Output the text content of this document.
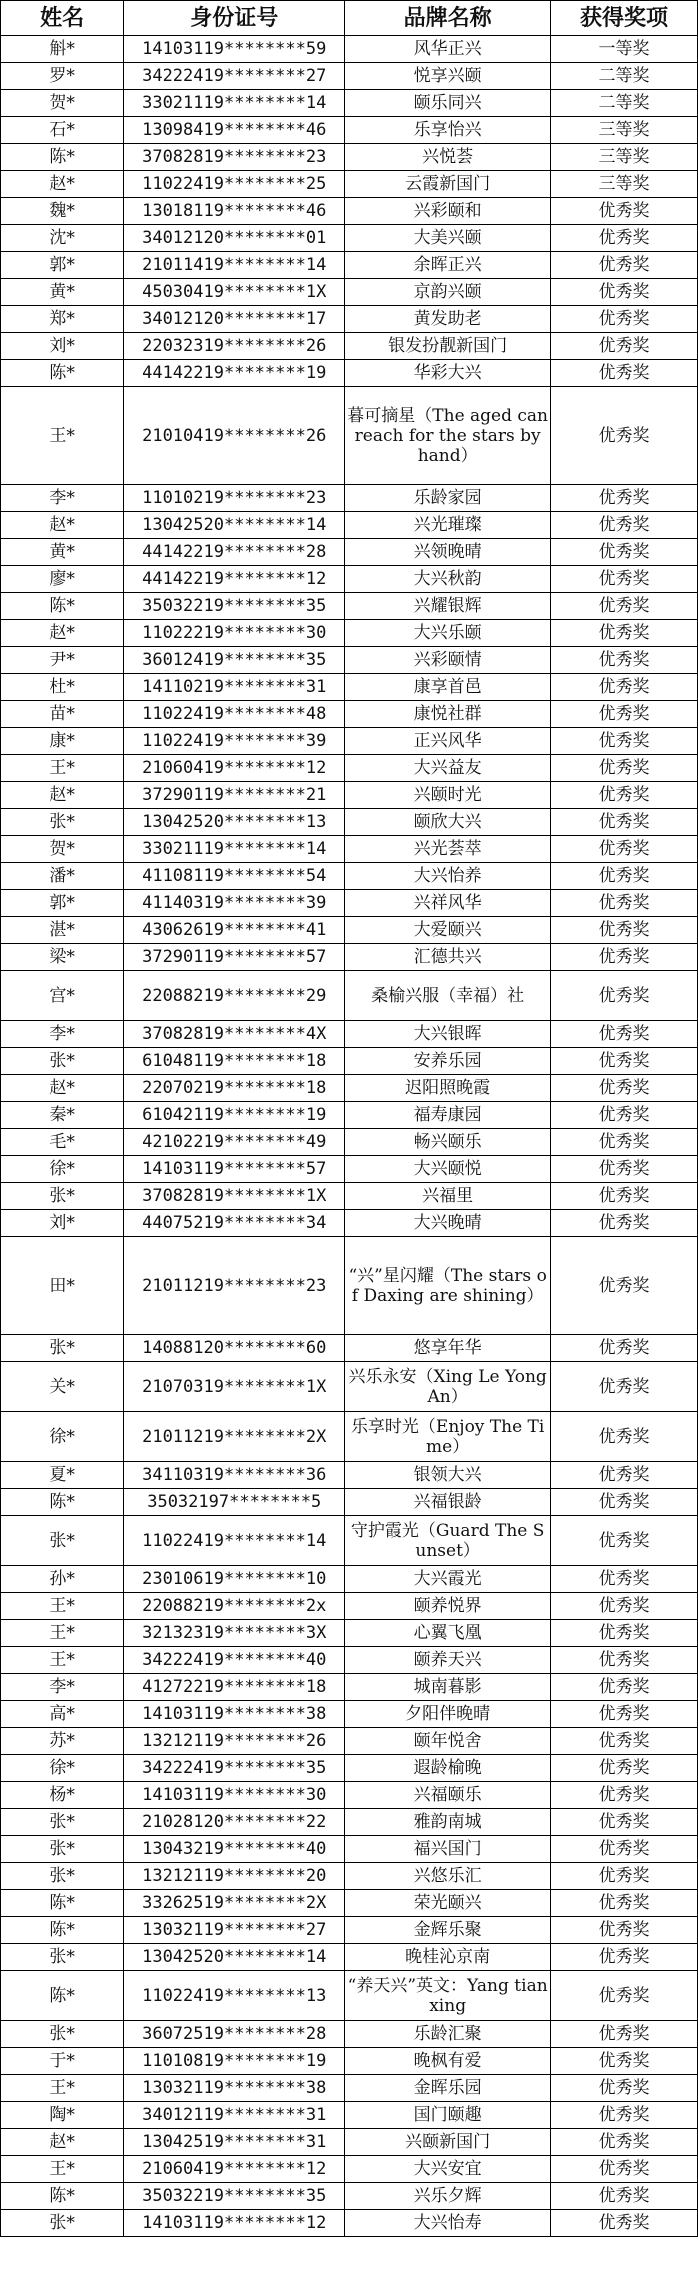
姓名	身份证号	品牌名称	获得奖项
斛*	14103119********59	风华正兴	一等奖
罗*	34222419********27	悦享兴颐	二等奖
贺*	33021119********14	颐乐同兴	二等奖
石*	13098419********46	乐享怡兴	三等奖
陈*	37082819********23	兴悦荟	三等奖
赵*	11022419********25	云霞新国门	三等奖
魏*	13018119********46	兴彩颐和	优秀奖
沈*	34012120********01	大美兴颐	优秀奖
郭*	21011419********14	余晖正兴	优秀奖
黄*	45030419********1X	京韵兴颐	优秀奖
郑*	34012120********17	黄发助老	优秀奖
刘*	22032319********26	银发扮靓新国门	优秀奖
陈*	44142219********19	华彩大兴	优秀奖
王*	21010419********26	暮可摘星（The aged can reach for the stars by hand）	优秀奖
李*	11010219********23	乐龄家园	优秀奖
赵*	13042520********14	兴光璀璨	优秀奖
黄*	44142219********28	兴领晚晴	优秀奖
廖*	44142219********12	大兴秋韵	优秀奖
陈*	35032219********35	兴耀银辉	优秀奖
赵*	11022219********30	大兴乐颐	优秀奖
尹*	36012419********35	兴彩颐情	优秀奖
杜*	14110219********31	康享首邑	优秀奖
苗*	11022419********48	康悦社群	优秀奖
康*	11022419********39	正兴风华	优秀奖
王*	21060419********12	大兴益友	优秀奖
赵*	37290119********21	兴颐时光	优秀奖
张*	13042520********13	颐欣大兴	优秀奖
贺*	33021119********14	兴光荟萃	优秀奖
潘*	41108119********54	大兴怡养	优秀奖
郭*	41140319********39	兴祥风华	优秀奖
湛*	43062619********41	大爱颐兴	优秀奖
梁*	37290119********57	汇德共兴	优秀奖
宫*	22088219********29	桑榆兴服（幸福）社	优秀奖
李*	37082819********4X	大兴银晖	优秀奖
张*	61048119********18	安养乐园	优秀奖
赵*	22070219********18	迟阳照晚霞	优秀奖
秦*	61042119********19	福寿康园	优秀奖
毛*	42102219********49	畅兴颐乐	优秀奖
徐*	14103119********57	大兴颐悦	优秀奖
张*	37082819********1X	兴福里	优秀奖
刘*	44075219********34	大兴晚晴	优秀奖
田*	21011219********23	“兴”星闪耀（The stars of Daxing are shining）	优秀奖
张*	14088120********60	悠享年华	优秀奖
关*	21070319********1X	兴乐永安（Xing Le Yong An）	优秀奖
徐*	21011219********2X	乐享时光（Enjoy The Time）	优秀奖
夏*	34110319********36	银领大兴	优秀奖
陈*	35032197********5	兴福银龄	优秀奖
张*	11022419********14	守护霞光（Guard The Sunset）	优秀奖
孙*	23010619********10	大兴霞光	优秀奖
王*	22088219********2x	颐养悦界	优秀奖
王*	32132319********3X	心翼飞凰	优秀奖
王*	34222419********40	颐养天兴	优秀奖
李*	41272219********18	城南暮影	优秀奖
高*	14103119********38	夕阳伴晚晴	优秀奖
苏*	13212119********26	颐年悦舍	优秀奖
徐*	34222419********35	遐龄榆晚	优秀奖
杨*	14103119********30	兴福颐乐	优秀奖
张*	21028120********22	雅韵南城	优秀奖
张*	13043219********40	福兴国门	优秀奖
张*	13212119********20	兴悠乐汇	优秀奖
陈*	33262519********2X	荣光颐兴	优秀奖
陈*	13032119********27	金辉乐聚	优秀奖
张*	13042520********14	晚桂沁京南	优秀奖
陈*	11022419********13	“养天兴”英文：Yang tianxing	优秀奖
张*	36072519********28	乐龄汇聚	优秀奖
于*	11010819********19	晚枫有爱	优秀奖
王*	13032119********38	金晖乐园	优秀奖
陶*	34012119********31	国门颐趣	优秀奖
赵*	13042519********31	兴颐新国门	优秀奖
王*	21060419********12	大兴安宜	优秀奖
陈*	35032219********35	兴乐夕辉	优秀奖
张*	14103119********12	大兴怡寿	优秀奖
